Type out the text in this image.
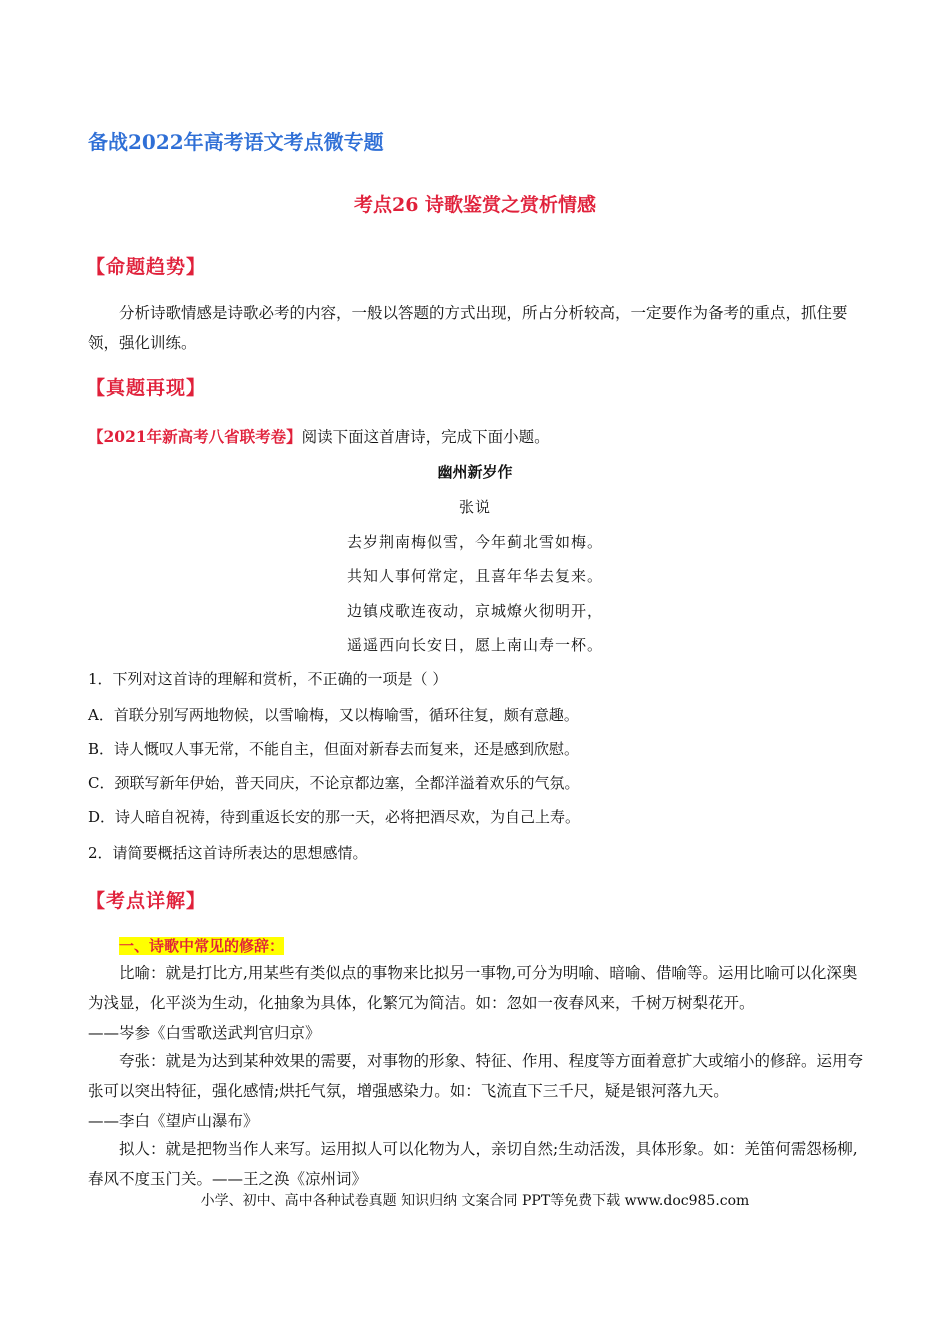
备战2022年高考语文考点微专题
考点26 诗歌鉴赏之赏析情感
【命题趋势】
分析诗歌情感是诗歌必考的内容，一般以答题的方式出现，所占分析较高，一定要作为备考的重点，抓住要领，强化训练。
【真题再现】
【2021年新高考八省联考卷】阅读下面这首唐诗，完成下面小题。
幽州新岁作
张说
去岁荆南梅似雪，今年蓟北雪如梅。
共知人事何常定，且喜年华去复来。
边镇戍歌连夜动，京城燎火彻明开，
遥遥西向长安日，愿上南山寿一杯。
1．下列对这首诗的理解和赏析，不正确的一项是（ ）
A．首联分别写两地物候，以雪喻梅，又以梅喻雪，循环往复，颇有意趣。
B．诗人慨叹人事无常，不能自主，但面对新春去而复来，还是感到欣慰。
C．颈联写新年伊始，普天同庆，不论京都边塞，全都洋溢着欢乐的气氛。
D．诗人暗自祝祷，待到重返长安的那一天，必将把酒尽欢，为自己上寿。
2．请简要概括这首诗所表达的思想感情。
【考点详解】
一、诗歌中常见的修辞：
比喻：就是打比方,用某些有类似点的事物来比拟另一事物,可分为明喻、暗喻、借喻等。运用比喻可以化深奥为浅显，化平淡为生动，化抽象为具体，化繁冗为简洁。如：忽如一夜春风来，千树万树梨花开。
——岑参《白雪歌送武判官归京》
夸张：就是为达到某种效果的需要，对事物的形象、特征、作用、程度等方面着意扩大或缩小的修辞。运用夸张可以突出特征，强化感情;烘托气氛，增强感染力。如：飞流直下三千尺，疑是银河落九天。
——李白《望庐山瀑布》
拟人：就是把物当作人来写。运用拟人可以化物为人，亲切自然;生动活泼，具体形象。如：羌笛何需怨杨柳,春风不度玉门关。——王之涣《凉州词》
小学、初中、高中各种试卷真题 知识归纳 文案合同 PPT等免费下载 www.doc985.com
